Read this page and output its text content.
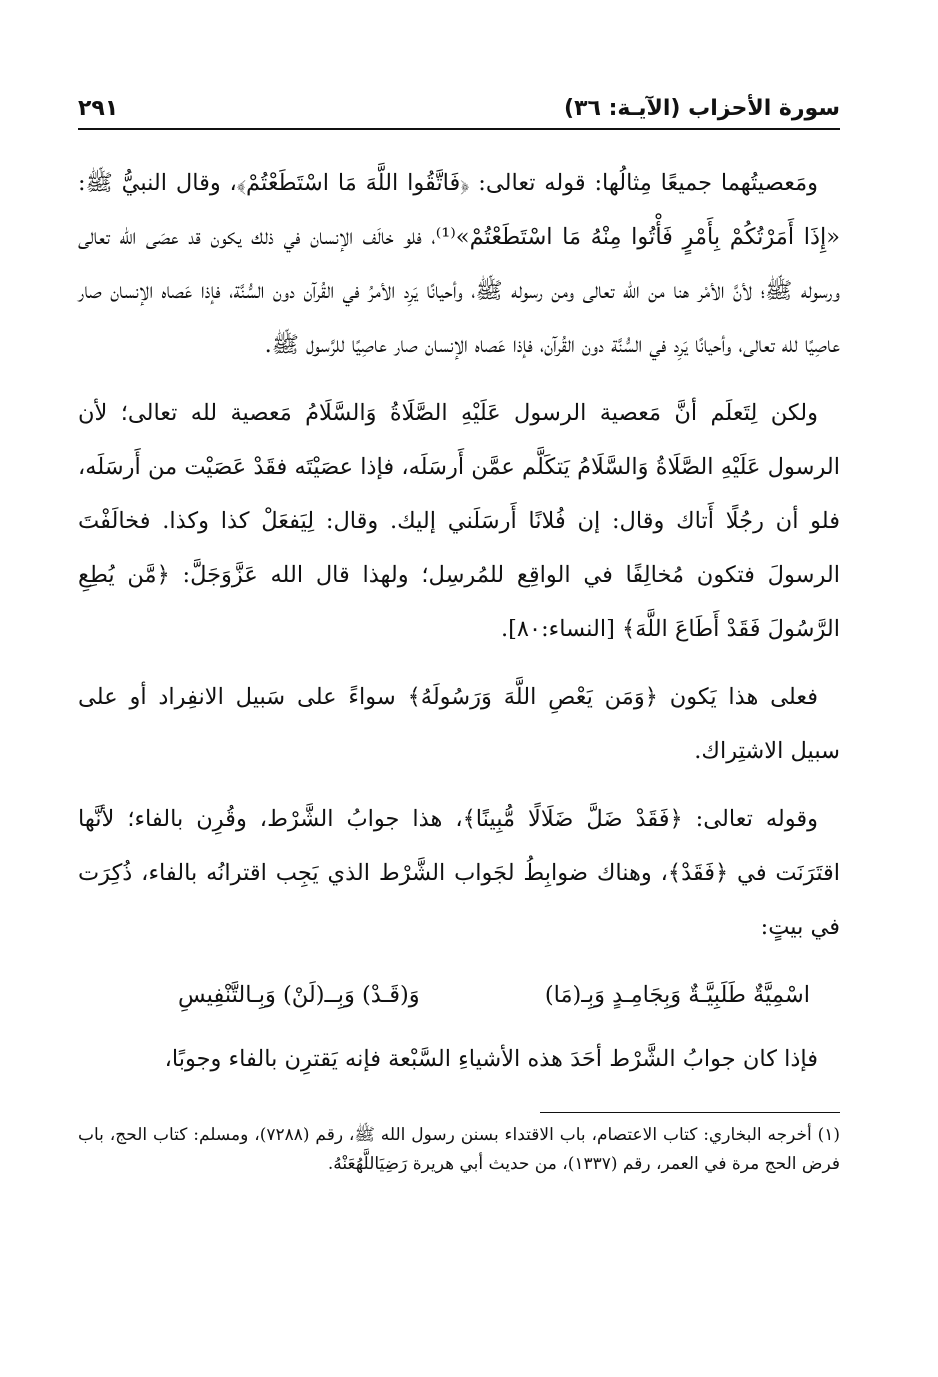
سورة الأحزاب (الآيـة: ٣٦)
٢٩١

ومَعصيتُهما جميعًا مِثالُها: قوله تعالى: ﴿فَاتَّقُوا اللَّهَ مَا اسْتَطَعْتُمْ﴾، وقال النبيُّ ﷺ: «إِذَا أَمَرْتُكُمْ بِأَمْرٍ فَأْتُوا مِنْهُ مَا اسْتَطَعْتُمْ»⁽¹⁾، فلو خالَف الإنسان في ذلك يكون قد عصَى الله تعالى ورسوله ﷺ؛ لأنَّ الأمْر هنا من الله تعالى ومن رسوله ﷺ، وأحيانًا يَرِد الأمرُ في القُرآن دون السُّنَّة، فإذا عَصاه الإنسان صار عاصِيًا لله تعالى، وأحيانًا يَرِد في السُّنَّة دون القُرآن، فإذا عَصاه الإنسان صار عاصِيًا للرَّسول ﷺ.

ولكن لِتَعلَم أنَّ مَعصية الرسول عَلَيْهِ الصَّلَاةُ وَالسَّلَامُ مَعصية لله تعالى؛ لأن الرسول عَلَيْهِ الصَّلَاةُ وَالسَّلَامُ يَتكَلَّم عمَّن أَرسَلَه، فإذا عصَيْتَه فقَدْ عَصَيْت من أَرسَلَه، فلو أن رجُلًا أَتاك وقال: إن فُلانًا أَرسَلَني إليك. وقال: لِيَفعَلْ كذا وكذا. فخالَفْتَ الرسولَ فتكون مُخالِفًا في الواقِع للمُرسِل؛ ولهذا قال الله عَزَّوَجَلَّ: ﴿مَّن يُطِعِ الرَّسُولَ فَقَدْ أَطَاعَ اللَّهَ﴾ [النساء:٨٠].

فعلى هذا يَكون ﴿وَمَن يَعْصِ اللَّهَ وَرَسُولَهُ﴾ سواءً على سَبيل الانفِراد أو على سبيل الاشتِراك.

وقوله تعالى: ﴿فَقَدْ ضَلَّ ضَلَالًا مُّبِينًا﴾، هذا جوابُ الشَّرْط، وقُرِن بالفاء؛ لأنَّها اقتَرَنَت في ﴿فَقَدْ﴾، وهناك ضوابِطُ لجَواب الشَّرْط الذي يَجِب اقترانُه بالفاء، ذُكِرَت في بيتٍ:

اسْمِيَّةٌ طَلَبِيَّـةٌ وَبِجَامِـدٍ وَبِـ(مَا)
وَ(قَـدْ) وَبِــ(لَنْ) وَبِـالتَّنْفِيسِ

فإذا كان جوابُ الشَّرْط أحَدَ هذه الأشياءِ السَّبْعة فإنه يَقترِن بالفاء وجوبًا،

(١) أخرجه البخاري: كتاب الاعتصام، باب الاقتداء بسنن رسول الله ﷺ، رقم (٧٢٨٨)، ومسلم: كتاب الحج، باب فرض الحج مرة في العمر، رقم (١٣٣٧)، من حديث أبي هريرة رَضِيَاللَّهُعَنْهُ.
